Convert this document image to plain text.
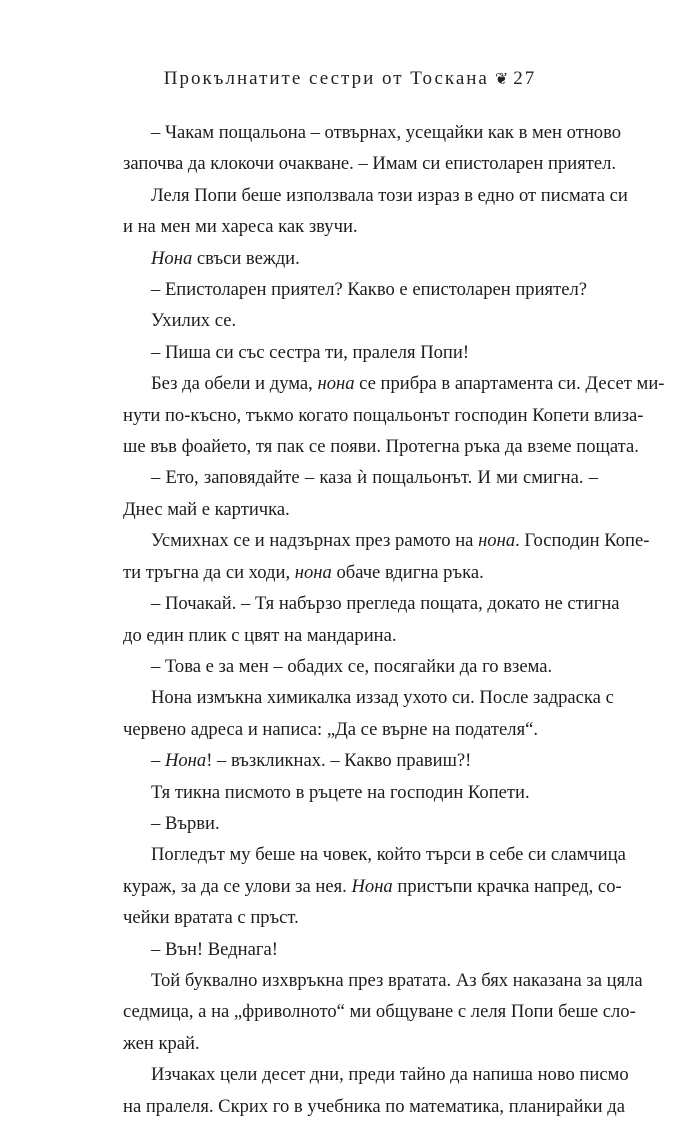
Прокълнатите сестри от Тоскана ❦ 27

– Чакам пощальона – отвърнах, усещайки как в мен отново

започва да клокочи очакване. – Имам си епистоларен приятел.

Леля Попи беше използвала този израз в едно от писмата си

и на мен ми хареса как звучи.

Нона свъси вежди.

– Епистоларен приятел? Какво е епистоларен приятел?

Ухилих се.

– Пиша си със сестра ти, пралеля Попи!

Без да обели и дума, нона се прибра в апартамента си. Десет ми-

нути по-късно, тъкмо когато пощальонът господин Копети влиза-

ше във фоайето, тя пак се появи. Протегна ръка да вземе пощата.

– Ето, заповядайте – каза ѝ пощальонът. И ми смигна. –

Днес май е картичка.

Усмихнах се и надзърнах през рамото на нона. Господин Копе-

ти тръгна да си ходи, нона обаче вдигна ръка.

– Почакай. – Тя набързо прегледа пощата, докато не стигна

до един плик с цвят на мандарина.

– Това е за мен – обадих се, посягайки да го взема.

Нона измъкна химикалка иззад ухото си. После задраска с

червено адреса и написа: „Да се върне на подателя“.

– Нона! – възкликнах. – Какво правиш?!

Тя тикна писмото в ръцете на господин Копети.

– Върви.

Погледът му беше на човек, който търси в себе си сламчица

кураж, за да се улови за нея. Нона пристъпи крачка напред, со-

чейки вратата с пръст.

– Вън! Веднага!

Той буквално изхвръкна през вратата. Аз бях наказана за цяла

седмица, а на „фриволното“ ми общуване с леля Попи беше сло-

жен край.

Изчаках цели десет дни, преди тайно да напиша ново писмо

на пралеля. Скрих го в учебника по математика, планирайки да
